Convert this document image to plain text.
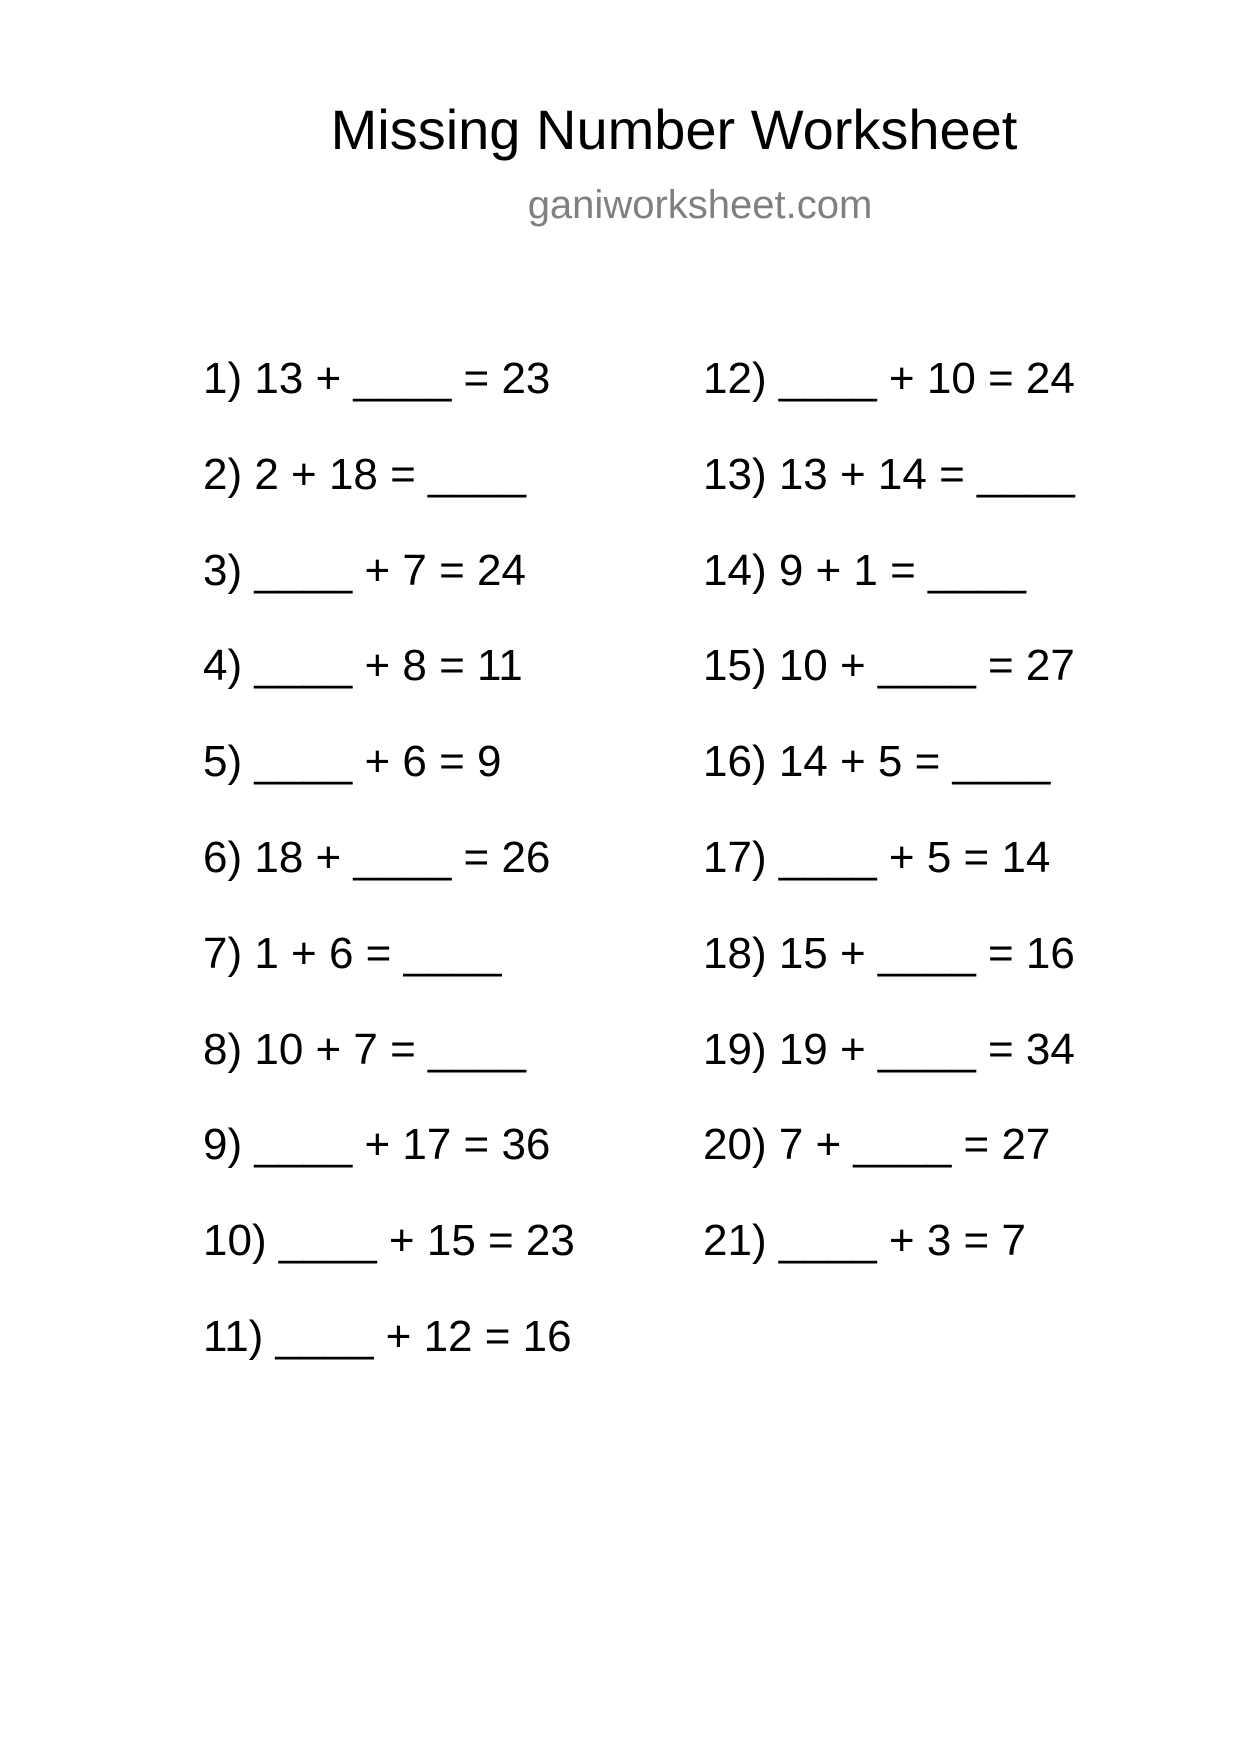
Missing Number Worksheet
ganiworksheet.com
1) 13 + ____ = 23
2) 2 + 18 = ____
3) ____ + 7 = 24
4) ____ + 8 = 11
5) ____ + 6 = 9
6) 18 + ____ = 26
7) 1 + 6 = ____
8) 10 + 7 = ____
9) ____ + 17 = 36
10) ____ + 15 = 23
11) ____ + 12 = 16
12) ____ + 10 = 24
13) 13 + 14 = ____
14) 9 + 1 = ____
15) 10 + ____ = 27
16) 14 + 5 = ____
17) ____ + 5 = 14
18) 15 + ____ = 16
19) 19 + ____ = 34
20) 7 + ____ = 27
21) ____ + 3 = 7
